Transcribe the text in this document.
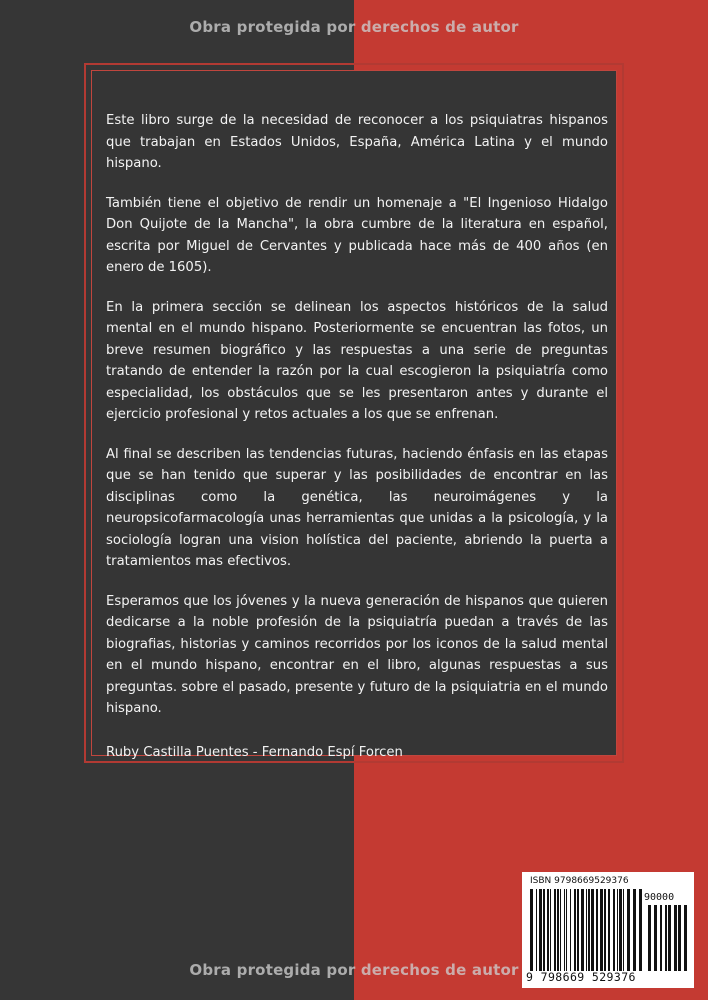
Obra protegida por derechos de autor

Este libro surge de la necesidad de reconocer a los psiquiatras hispanos que trabajan en Estados Unidos, España, América Latina y el mundo hispano.

También tiene el objetivo de rendir un homenaje a "El Ingenioso Hidalgo Don Quijote de la Mancha", la obra cumbre de la literatura en español, escrita por Miguel de Cervantes y publicada hace más de 400 años (en enero de 1605).

En la primera sección se delinean los aspectos históricos de la salud mental en el mundo hispano. Posteriormente se encuentran las fotos, un breve resumen biográfico y las respuestas a una serie de preguntas tratando de entender la razón por la cual escogieron la psiquiatría como especialidad, los obstáculos que se les presentaron antes y durante el ejercicio profesional y retos actuales a los que se enfrenan.

Al final se describen las tendencias futuras, haciendo énfasis en las etapas que se han tenido que superar y las posibilidades de encontrar en las disciplinas como la genética, las neuroimágenes y la neuropsicofarmacología unas herramientas que unidas a la psicología, y la sociología logran una vision holística del paciente, abriendo la puerta a tratamientos mas efectivos.

Esperamos que los jóvenes y la nueva generación de hispanos que quieren dedicarse a la noble profesión de la psiquiatría puedan a través de las biografias, historias y caminos recorridos por los iconos de la salud mental en el mundo hispano, encontrar en el libro, algunas respuestas a sus preguntas. sobre el pasado, presente y futuro de la psiquiatria en el mundo hispano.

Ruby Castilla Puentes - Fernando Espí Forcen

ISBN 9798669529376
90000
9 798669 529376
Obra protegida por derechos de autor
